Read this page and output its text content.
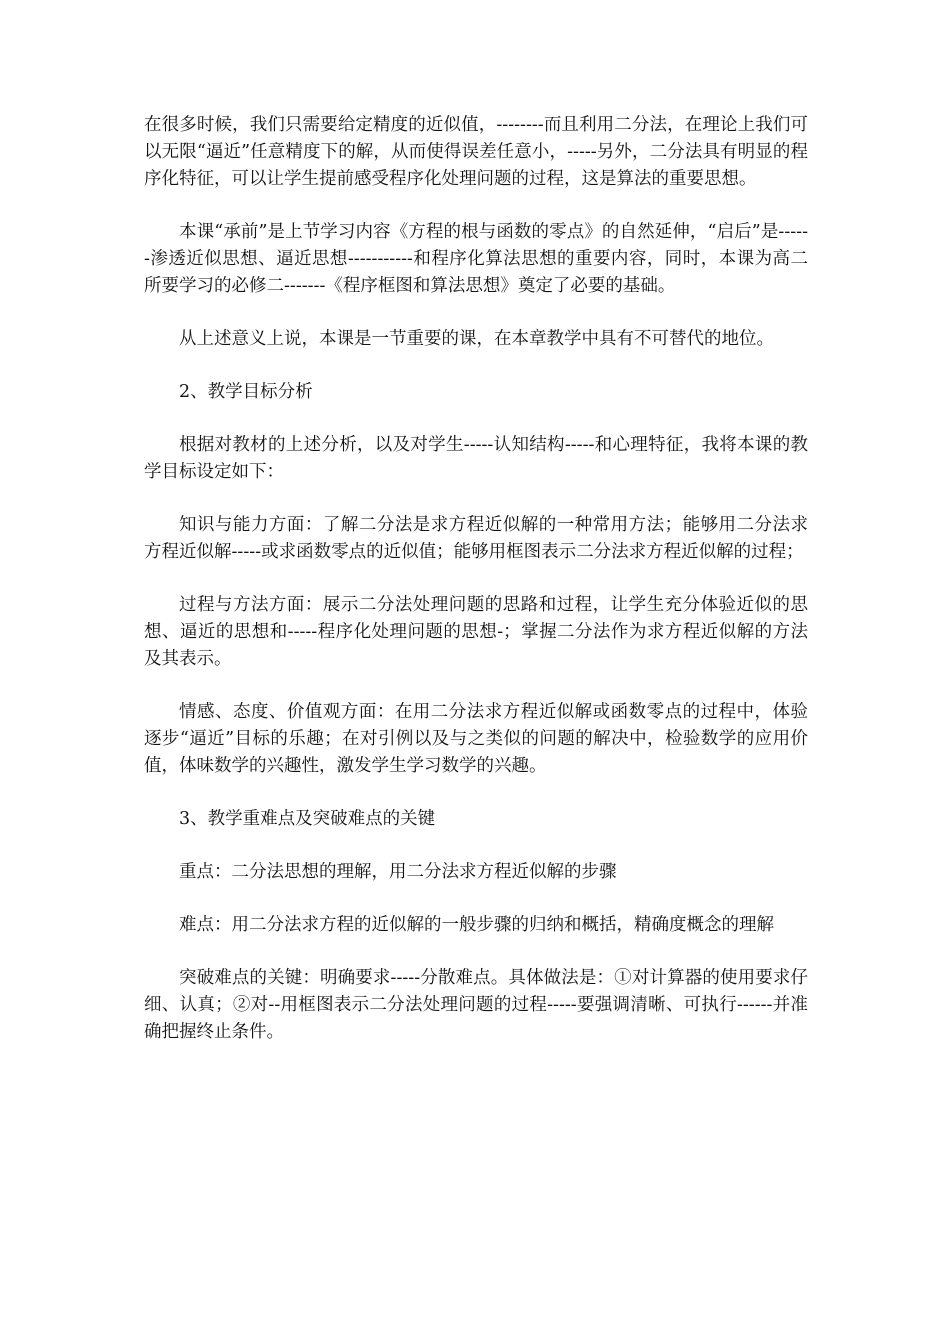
在很多时候，我们只需要给定精度的近似值，--------而且利用二分法，在理论上我们可以无限“逼近”任意精度下的解，从而使得误差任意小，-----另外，二分法具有明显的程序化特征，可以让学生提前感受程序化处理问题的过程，这是算法的重要思想。

本课“承前”是上节学习内容《方程的根与函数的零点》的自然延伸，“启后”是------渗透近似思想、逼近思想-----------和程序化算法思想的重要内容，同时，本课为高二所要学习的必修二-------《程序框图和算法思想》奠定了必要的基础。

从上述意义上说，本课是一节重要的课，在本章教学中具有不可替代的地位。

2、教学目标分析

根据对教材的上述分析，以及对学生-----认知结构-----和心理特征，我将本课的教学目标设定如下：

知识与能力方面：了解二分法是求方程近似解的一种常用方法；能够用二分法求方程近似解-----或求函数零点的近似值；能够用框图表示二分法求方程近似解的过程；

过程与方法方面：展示二分法处理问题的思路和过程，让学生充分体验近似的思想、逼近的思想和-----程序化处理问题的思想-；掌握二分法作为求方程近似解的方法及其表示。

情感、态度、价值观方面：在用二分法求方程近似解或函数零点的过程中，体验逐步“逼近”目标的乐趣；在对引例以及与之类似的问题的解决中，检验数学的应用价值，体味数学的兴趣性，激发学生学习数学的兴趣。

3、教学重难点及突破难点的关键

重点：二分法思想的理解，用二分法求方程近似解的步骤

难点：用二分法求方程的近似解的一般步骤的归纳和概括，精确度概念的理解

突破难点的关键：明确要求-----分散难点。具体做法是：①对计算器的使用要求仔细、认真；②对--用框图表示二分法处理问题的过程-----要强调清晰、可执行------并准确把握终止条件。
